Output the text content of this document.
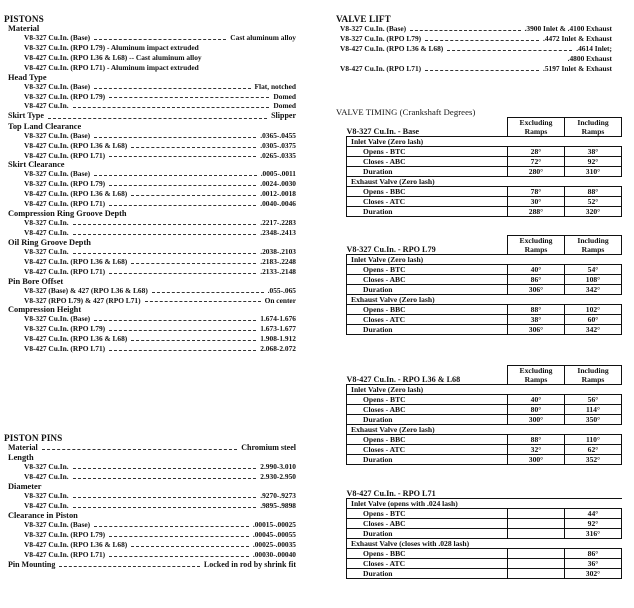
PISTONS
Material
V8-327 Cu.In. (Base)	Cast aluminum alloy
V8-327 Cu.In. (RPO L79) - Aluminum impact extruded
V8-427 Cu.In. (RPO L36 & L68) -- Cast aluminum alloy
V8-427 Cu.In. (RPO L71) - Aluminum impact extruded
Head Type
V8-327 Cu.In. (Base)	Flat, notched
V8-327 Cu.In. (RPO L79)	Domed
V8-427 Cu.In.	Domed
Skirt Type	Slipper
Top Land Clearance
V8-327 Cu.In. (Base)	.0365-.0455
V8-427 Cu.In. (RPO L36 & L68)	.0305-.0375
V8-427 Cu.In. (RPO L71)	.0265-.0335
Skirt Clearance
V8-327 Cu.In. (Base)	.0005-.0011
V8-327 Cu.In. (RPO L79)	.0024-.0030
V8-427 Cu.In. (RPO L36 & L68)	.0012-.0018
V8-427 Cu.In. (RPO L71)	.0040-.0046
Compression Ring Groove Depth
V8-327 Cu.In.	.2217-.2283
V8-427 Cu.In.	.2348-.2413
Oil Ring Groove Depth
V8-327 Cu.In.	.2038-.2103
V8-427 Cu.In. (RPO L36 & L68)	.2183-.2248
V8-427 Cu.In. (RPO L71)	.2133-.2148
Pin Bore Offset
V8-327 (Base) & 427 (RPO L36 & L68)	.055-.065
V8-327 (RPO L79) & 427 (RPO L71)	On center
Compression Height
V8-327 Cu.In. (Base)	1.674-1.676
V8-327 Cu.In. (RPO L79)	1.673-1.677
V8-427 Cu.In. (RPO L36 & L68)	1.908-1.912
V8-427 Cu.In. (RPO L71)	2.068-2.072
PISTON PINS
Material	Chromium steel
Length
V8-327 Cu.In.	2.990-3.010
V8-427 Cu.In.	2.930-2.950
Diameter
V8-327 Cu.In.	.9270-.9273
V8-427 Cu.In.	.9895-.9898
Clearance in Piston
V8-327 Cu.In. (Base)	.00015-.00025
V8-327 Cu.In. (RPO L79)	.00045-.00055
V8-427 Cu.In. (RPO L36 & L68)	.00025-.00035
V8-427 Cu.In. (RPO L71)	.00030-.00040
Pin Mounting	Locked in rod by shrink fit
VALVE LIFT
V8-327 Cu.In. (Base)	.3900 Inlet & .4100 Exhaust
V8-327 Cu.In. (RPO L79)	.4472 Inlet & Exhaust
V8-427 Cu.In. (RPO L36 & L68)	.4614 Inlet;
.4800 Exhaust
V8-427 Cu.In. (RPO L71)	.5197 Inlet & Exhaust
VALVE TIMING (Crankshaft Degrees)
V8-327 Cu.In. - Base	Excluding Ramps	Including Ramps
Inlet Valve (Zero lash)		
Opens - BTC	28°	38°
Closes - ABC	72°	92°
Duration	280°	310°
Exhaust Valve (Zero lash)		
Opens - BBC	78°	88°
Closes - ATC	30°	52°
Duration	288°	320°
V8-327 Cu.In. - RPO L79	Excluding Ramps	Including Ramps
Inlet Valve (Zero lash)		
Opens - BTC	40°	54°
Closes - ABC	86°	108°
Duration	306°	342°
Exhaust Valve (Zero lash)		
Opens - BBC	88°	102°
Closes - ATC	38°	60°
Duration	306°	342°
V8-427 Cu.In. - RPO L36 & L68	Excluding Ramps	Including Ramps
Inlet Valve (Zero lash)		
Opens - BTC	40°	56°
Closes - ABC	80°	114°
Duration	300°	350°
Exhaust Valve (Zero lash)		
Opens - BBC	88°	110°
Closes - ATC	32°	62°
Duration	300°	352°
V8-427 Cu.In. - RPO L71		
Inlet Valve (opens with .024 lash)		
Opens - BTC		44°
Closes - ABC		92°
Duration		316°
Exhaust Valve (closes with .028 lash)		
Opens - BBC		86°
Closes - ATC		36°
Duration		302°
